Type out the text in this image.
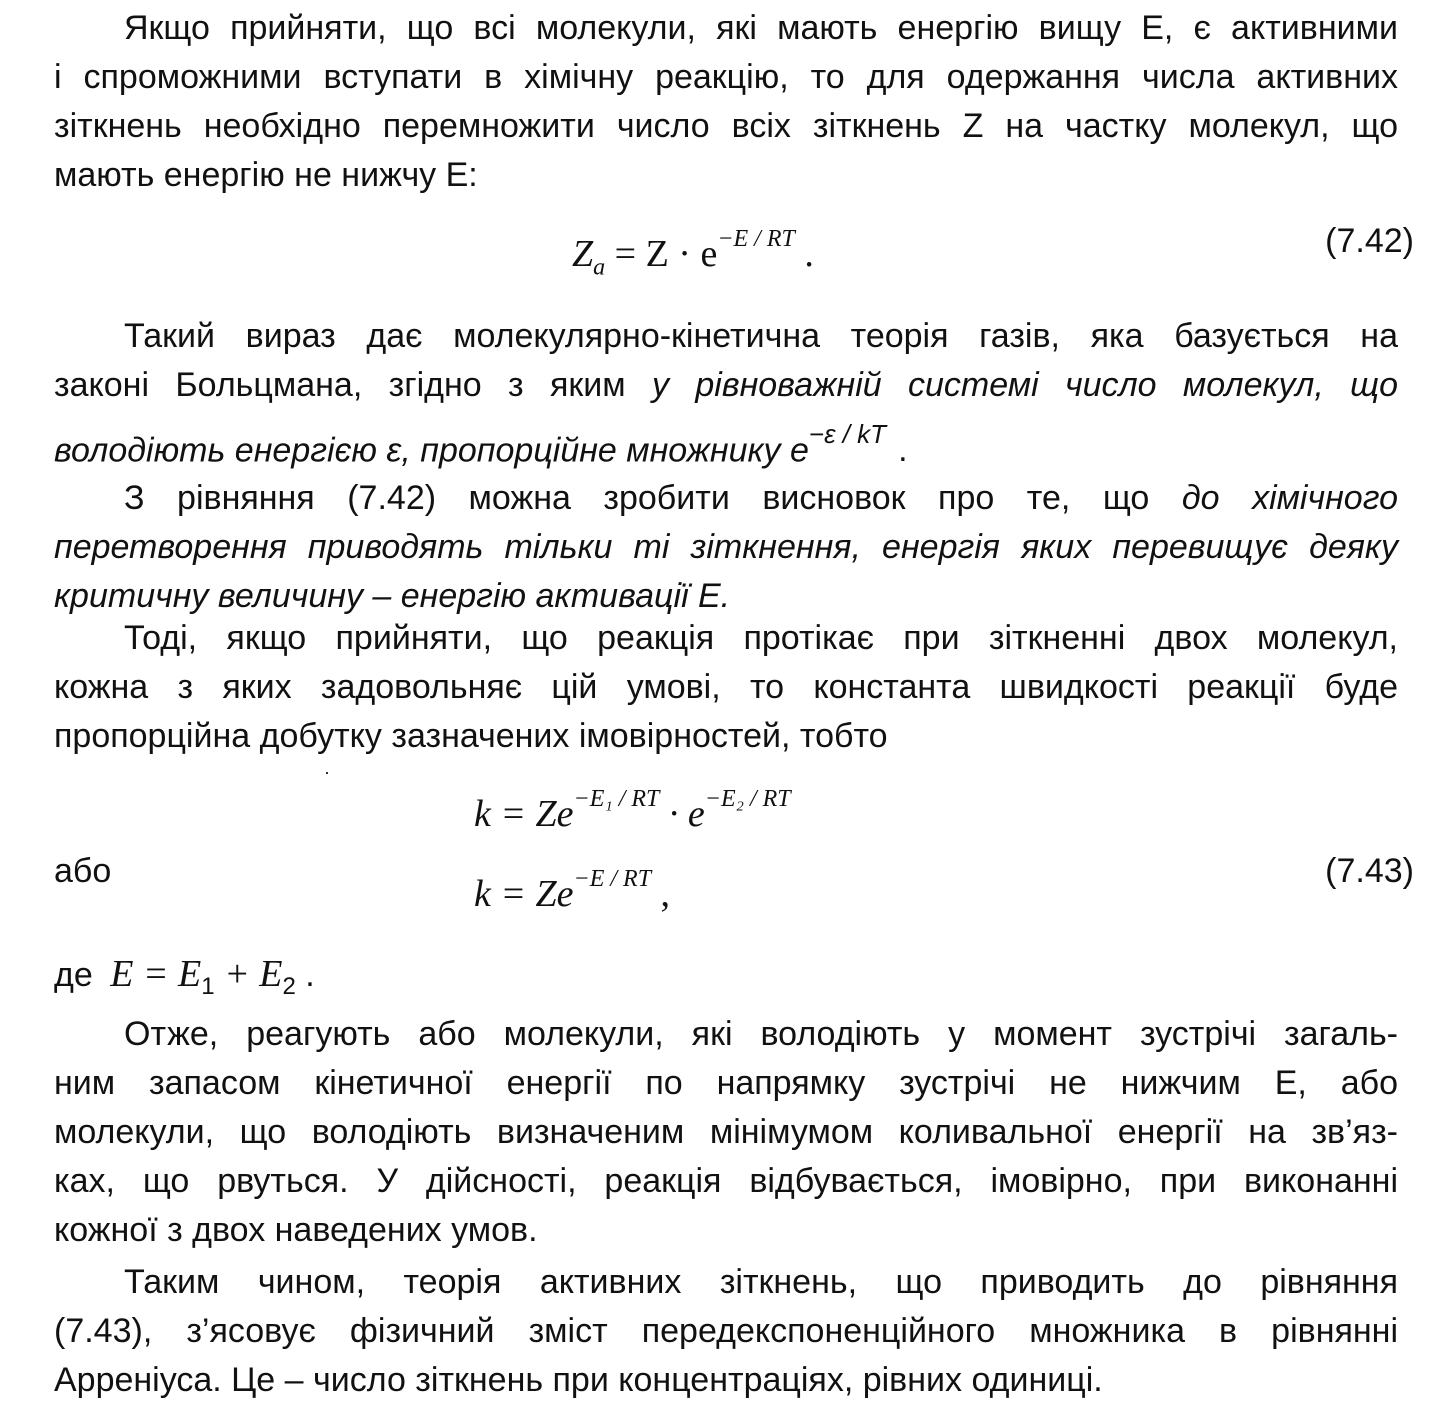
Якщо прийняти, що всі молекули, які мають енергію вищу E, є активними
і спроможними вступати в хімічну реакцію, то для одержання числа активних
зіткнень необхідно перемножити число всіх зіткнень Z на частку молекул, що
мають енергію не нижчу E:
$Z_a = Z \cdot e^{-E / RT}$ .	(7.42)
Такий вираз дає молекулярно-кінетична теорія газів, яка базується на
законі Больцмана, згідно з яким у рівноважній системі число молекул, що
володіють енергією ε, пропорційне множнику $e^{-\varepsilon / kT}$ .
З рівняння (7.42) можна зробити висновок про те, що до хімічного
перетворення приводять тільки ті зіткнення, енергія яких перевищує деяку
критичну величину – енергію активації E.
Тоді, якщо прийняти, що реакція протікає при зіткненні двох молекул,
кожна з яких задовольняє цій умові, то константа швидкості реакції буде
пропорційна добутку зазначених імовірностей, тобто
$k = Ze^{-E_1 / RT} \cdot e^{-E_2 / RT}$
або
$k = Ze^{-E / RT}$ ,
(7.43)
де $E = E_1 + E_2$ .
Отже, реагують або молекули, які володіють у момент зустрічі загаль-
ним запасом кінетичної енергії по напрямку зустрічі не нижчим E, або
молекули, що володіють визначеним мінімумом коливальної енергії на зв’яз-
ках, що рвуться. У дійсності, реакція відбувається, імовірно, при виконанні
кожної з двох наведених умов.
Таким чином, теорія активних зіткнень, що приводить до рівняння
(7.43), з’ясовує фізичний зміст передекспоненційного множника в рівнянні
Арреніуса. Це – число зіткнень при концентраціях, рівних одиниці.
